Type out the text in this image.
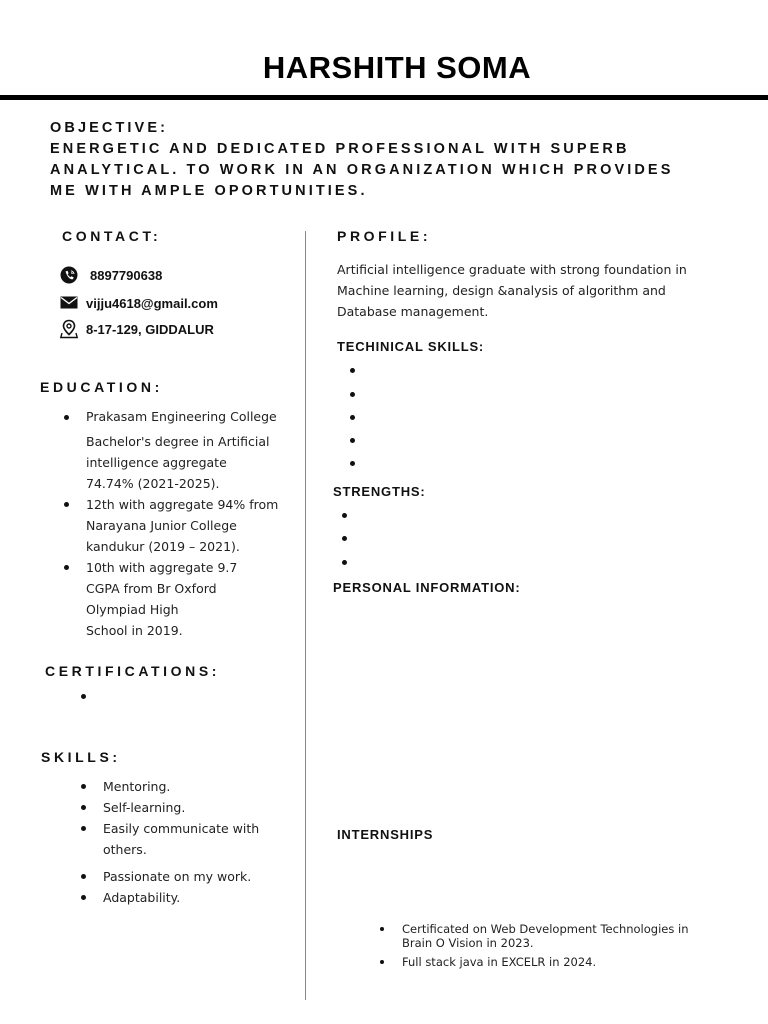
HARSHITH SOMA
OBJECTIVE:
ENERGETIC AND DEDICATED PROFESSIONAL WITH SUPERB
ANALYTICAL. TO WORK IN AN ORGANIZATION WHICH PROVIDES
ME WITH AMPLE OPORTUNITIES.
CONTACT:
8897790638
vijju4618@gmail.com
8-17-129, GIDDALUR
EDUCATION:
Prakasam Engineering College
Bachelor's degree in Artificial
intelligence aggregate
74.74% (2021-2025).
12th with aggregate 94% from
Narayana Junior College
kandukur (2019 – 2021).
10th with aggregate 9.7
CGPA from Br Oxford
Olympiad High
School in 2019.
CERTIFICATIONS:
SKILLS:
Mentoring.
Self-learning.
Easily communicate with
others.
Passionate on my work.
Adaptability.
PROFILE:
Artificial intelligence graduate with strong foundation in
Machine learning, design &analysis of algorithm and
Database management.
TECHINICAL SKILLS:
STRENGTHS:
PERSONAL INFORMATION:
INTERNSHIPS
Certificated on Web Development Technologies in
Brain O Vision in 2023.
Full stack java in EXCELR in 2024.
